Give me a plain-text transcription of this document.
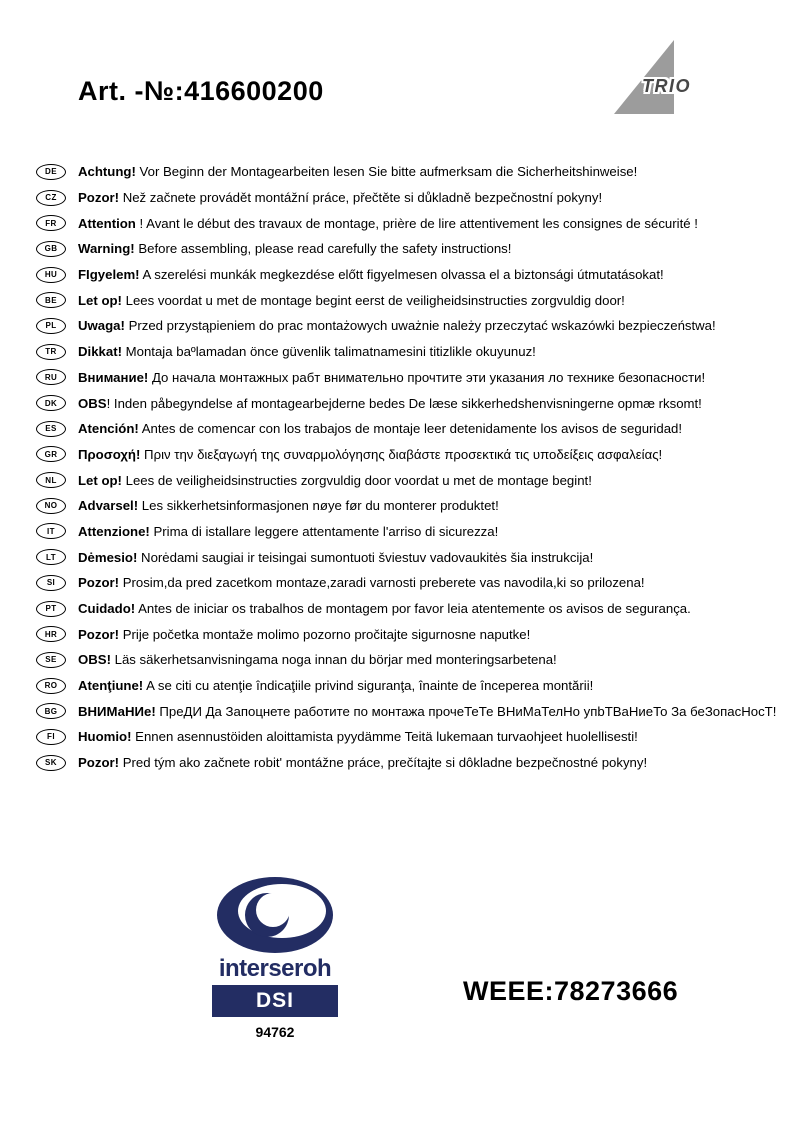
Art. -№:416600200	TRIO
DE	Achtung! Vor Beginn der Montagearbeiten lesen Sie bitte aufmerksam die Sicherheitshinweise!
CZ	Pozor! Než začnete provádět montážní práce, přečtěte si důkladně bezpečnostní pokyny!
FR	Attention ! Avant le début des travaux de montage, prière de lire attentivement les consignes de sécurité !
GB	Warning! Before assembling, please read carefully the safety instructions!
HU	FIgyelem! A szerelési munkák megkezdése előtt figyelmesen olvassa el a biztonsági útmutatásokat!
BE	Let op! Lees voordat u met de montage begint eerst de veiligheidsinstructies zorgvuldig door!
PL	Uwaga! Przed przystąpieniem do prac montażowych uważnie należy przeczytać wskazówki bezpieczeństwa!
TR	Dikkat! Montaja baºlamadan önce güvenlik talimatnamesini titizlikle okuyunuz!
RU	Внимание! До начала монтажных рабт внимательно прочтите эти указания ло технике безопасности!
DK	OBS! Inden påbegyndelse af montagearbejderne bedes De læse sikkerhedshenvisningerne opmæ rksomt!
ES	Atención! Antes de comencar con los trabajos de montaje leer detenidamente los avisos de seguridad!
GR	Προσοχή! Πριν την διεξαγωγή της συναρμολόγησης διαβάστε προσεκτικά τις υποδείξεις ασφαλείας!
NL	Let op! Lees de veiligheidsinstructies zorgvuldig door voordat u met de montage begint!
NO	Advarsel! Les sikkerhetsinformasjonen nøye før du monterer produktet!
IT	Attenzione! Prima di istallare leggere attentamente l'arriso di sicurezza!
LT	Dėmesio! Norėdami saugiai ir teisingai sumontuoti šviestuv vadovaukitės šia instrukcija!
SI	Pozor! Prosim,da pred zacetkom montaze,zaradi varnosti preberete vas navodila,ki so prilozena!
PT	Cuidado! Antes de iniciar os trabalhos de montagem por favor leia atentemente os avisos de segurança.
HR	Pozor! Prije početka montaže molimo pozorno pročitajte sigurnosne naputke!
SE	OBS! Läs säkerhetsanvisningama noga innan du börjar med monteringsarbetena!
RO	Atenţiune! A se citi cu atenţie îndicaţiile privind siguranţa, înainte de începerea montării!
BG	ВНИМаНИе! ПреДИ Да Запоцнете работите по монтажа прочеТеТе ВНиМаТелНо упbТВаНиеТо За беЗопасНосТ!
FI	Huomio! Ennen asennustöiden aloittamista pyydämme Teitä lukemaan turvaohjeet huolellisesti!
SK	Pozor! Pred tým ako začnete robit' montážne práce, prečítajte si dôkladne bezpečnostné pokyny!
interseroh
DSI
94762
WEEE:78273666
